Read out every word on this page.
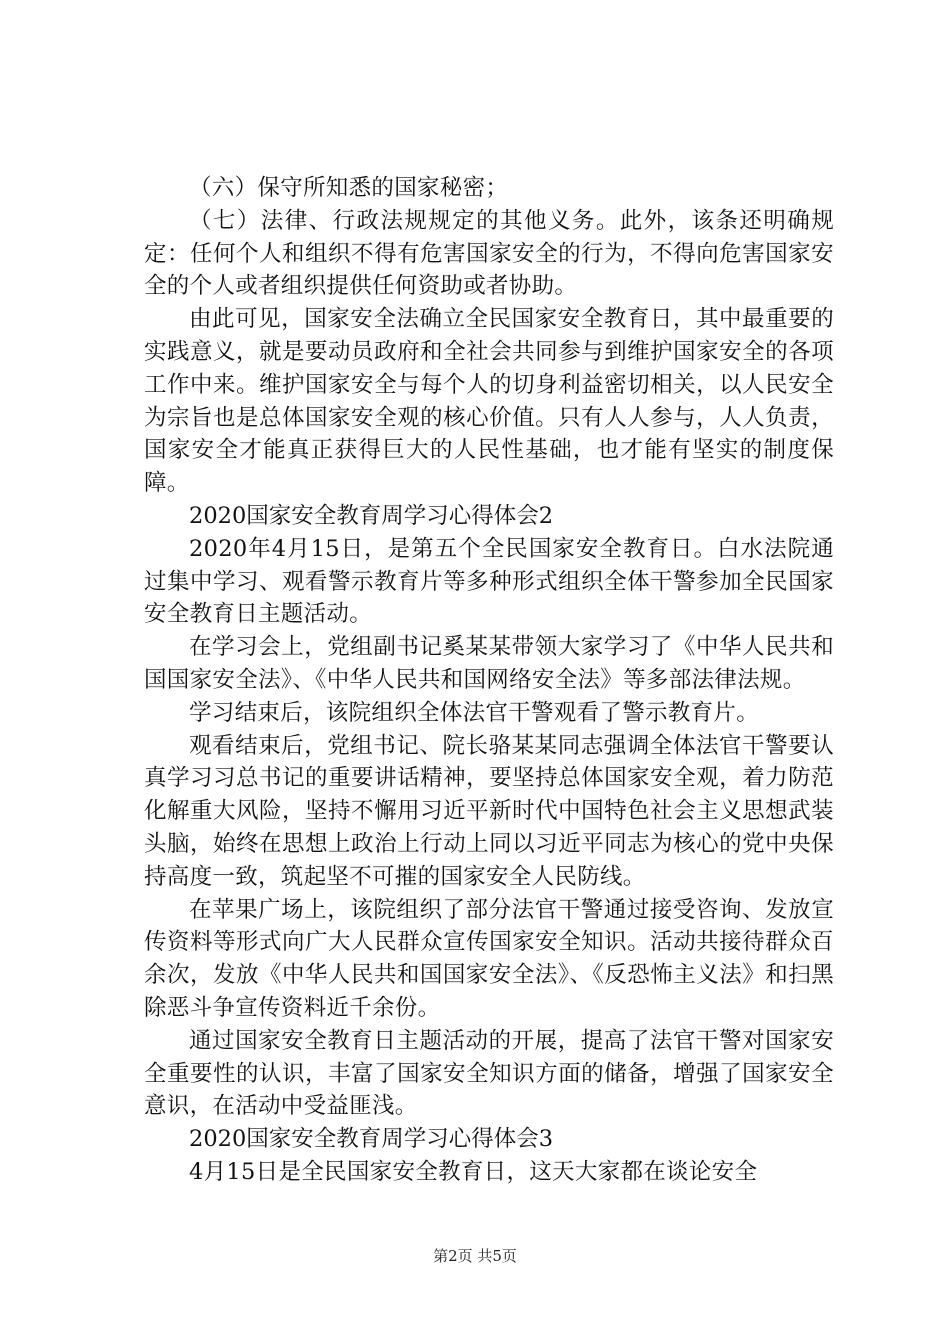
（六）保守所知悉的国家秘密；

（七）法律、行政法规规定的其他义务。此外，该条还明确规定：任何个人和组织不得有危害国家安全的行为，不得向危害国家安全的个人或者组织提供任何资助或者协助。

由此可见，国家安全法确立全民国家安全教育日，其中最重要的实践意义，就是要动员政府和全社会共同参与到维护国家安全的各项工作中来。维护国家安全与每个人的切身利益密切相关，以人民安全为宗旨也是总体国家安全观的核心价值。只有人人参与，人人负责，国家安全才能真正获得巨大的人民性基础，也才能有坚实的制度保障。

2020国家安全教育周学习心得体会2

2020年4月15日，是第五个全民国家安全教育日。白水法院通过集中学习、观看警示教育片等多种形式组织全体干警参加全民国家安全教育日主题活动。

在学习会上，党组副书记奚某某带领大家学习了《中华人民共和国国家安全法》、《中华人民共和国网络安全法》等多部法律法规。

学习结束后，该院组织全体法官干警观看了警示教育片。

观看结束后，党组书记、院长骆某某同志强调全体法官干警要认真学习习总书记的重要讲话精神，要坚持总体国家安全观，着力防范化解重大风险，坚持不懈用习近平新时代中国特色社会主义思想武装头脑，始终在思想上政治上行动上同以习近平同志为核心的党中央保持高度一致，筑起坚不可摧的国家安全人民防线。

在苹果广场上，该院组织了部分法官干警通过接受咨询、发放宣传资料等形式向广大人民群众宣传国家安全知识。活动共接待群众百余次，发放《中华人民共和国国家安全法》、《反恐怖主义法》和扫黑除恶斗争宣传资料近千余份。

通过国家安全教育日主题活动的开展，提高了法官干警对国家安全重要性的认识，丰富了国家安全知识方面的储备，增强了国家安全意识，在活动中受益匪浅。

2020国家安全教育周学习心得体会3

4月15日是全民国家安全教育日，这天大家都在谈论安全

第2页 共5页
